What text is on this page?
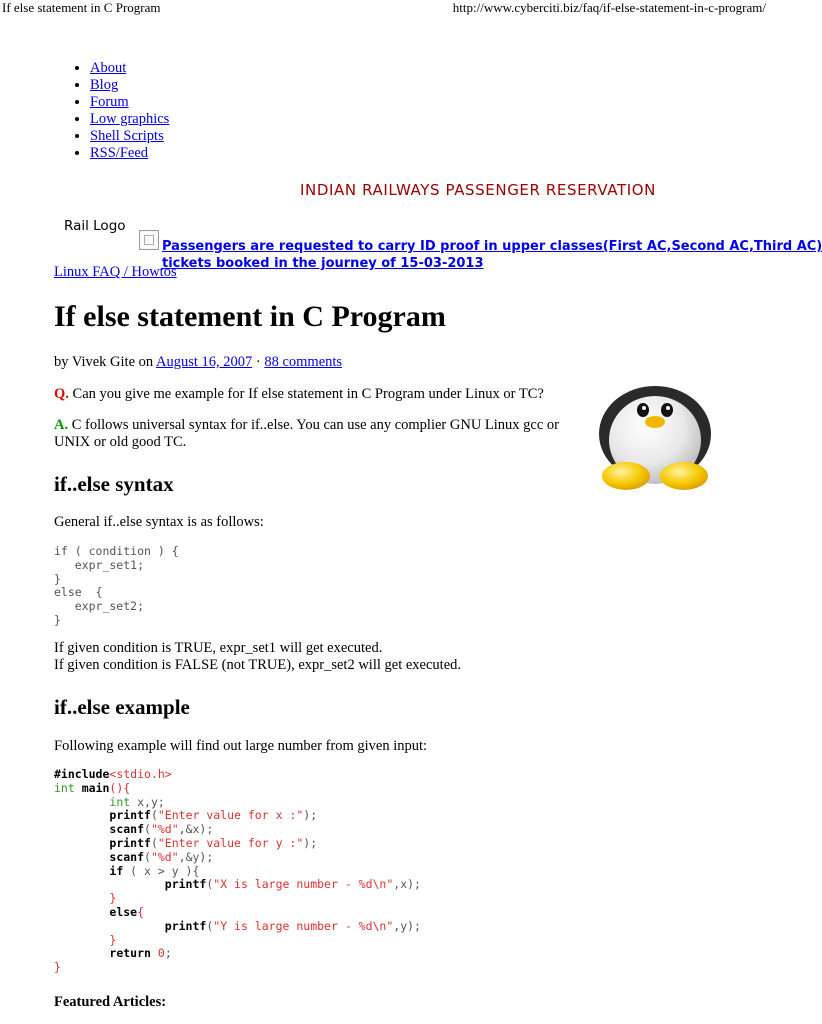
If else statement in C Program	http://www.cyberciti.biz/faq/if-else-statement-in-c-program/
• About
• Blog
• Forum
• Low graphics
• Shell Scripts
• RSS/Feed
INDIAN RAILWAYS PASSENGER RESERVATION
Rail Logo
Passengers are requested to carry ID proof in upper classes(First AC,Second AC,Third AC)
tickets booked in the journey of 15-03-2013
Linux FAQ / Howtos
If else statement in C Program
by Vivek Gite on August 16, 2007 · 88 comments
Q. Can you give me example for If else statement in C Program under Linux or TC?
A. C follows universal syntax for if..else. You can use any complier GNU Linux gcc or UNIX or old good TC.
if..else syntax
General if..else syntax is as follows:
if ( condition ) {
expr_set1;
}
else  {
expr_set2;
}
If given condition is TRUE, expr_set1 will get executed.
If given condition is FALSE (not TRUE), expr_set2 will get executed.
if..else example
Following example will find out large number from given input:
#include<stdio.h>
int main(){
int x,y;
printf("Enter value for x :");
scanf("%d",&x);
printf("Enter value for y :");
scanf("%d",&y);
if ( x > y ){
printf("X is large number - %d\n",x);
}
else{
printf("Y is large number - %d\n",y);
}
return 0;
}
Featured Articles:
